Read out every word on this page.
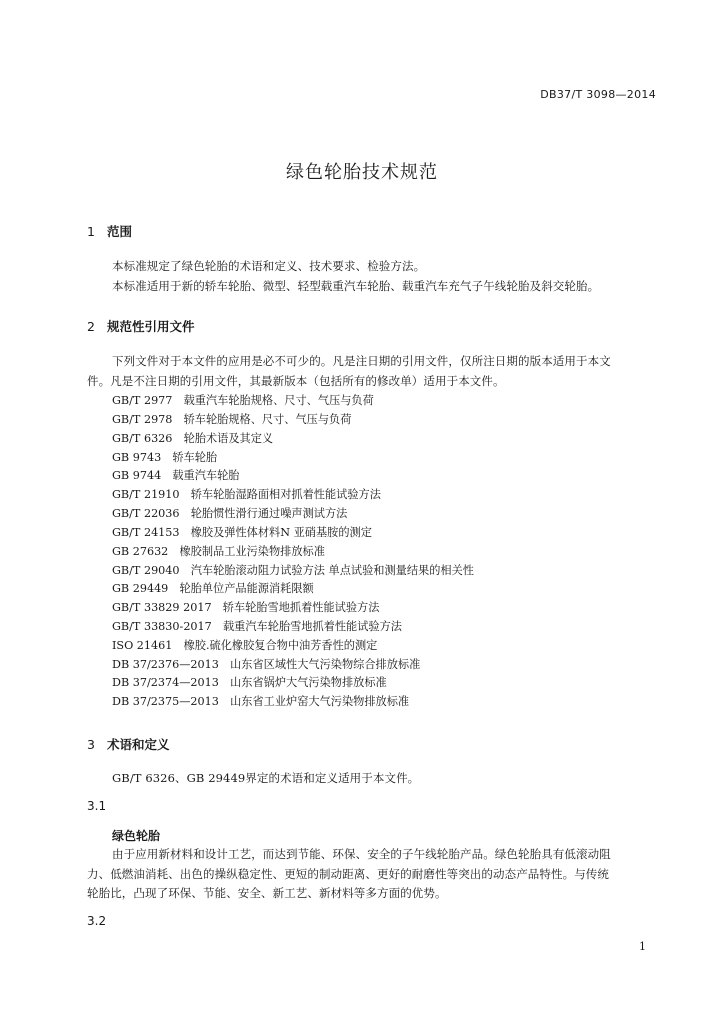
DB37/T 3098—2014
绿色轮胎技术规范
1 范围
本标准规定了绿色轮胎的术语和定义、技术要求、检验方法。
本标准适用于新的轿车轮胎、微型、轻型载重汽车轮胎、载重汽车充气子午线轮胎及斜交轮胎。
2 规范性引用文件
下列文件对于本文件的应用是必不可少的。凡是注日期的引用文件，仅所注日期的版本适用于本文
件。凡是不注日期的引用文件，其最新版本（包括所有的修改单）适用于本文件。
GB/T 2977　载重汽车轮胎规格、尺寸、气压与负荷
GB/T 2978　轿车轮胎规格、尺寸、气压与负荷
GB/T 6326　轮胎术语及其定义
GB 9743　轿车轮胎
GB 9744　载重汽车轮胎
GB/T 21910　轿车轮胎湿路面相对抓着性能试验方法
GB/T 22036　轮胎惯性滑行通过噪声测试方法
GB/T 24153　橡胶及弹性体材料N 亚硝基胺的测定
GB 27632　橡胶制品工业污染物排放标准
GB/T 29040　汽车轮胎滚动阻力试验方法 单点试验和测量结果的相关性
GB 29449　轮胎单位产品能源消耗限额
GB/T 33829 2017　轿车轮胎雪地抓着性能试验方法
GB/T 33830-2017　载重汽车轮胎雪地抓着性能试验方法
ISO 21461　橡胶.硫化橡胶复合物中油芳香性的测定
DB 37/2376—2013　山东省区域性大气污染物综合排放标准
DB 37/2374—2013　山东省锅炉大气污染物排放标准
DB 37/2375—2013　山东省工业炉窑大气污染物排放标准
3 术语和定义
GB/T 6326、GB 29449界定的术语和定义适用于本文件。
3.1
绿色轮胎
由于应用新材料和设计工艺，而达到节能、环保、安全的子午线轮胎产品。绿色轮胎具有低滚动阻
力、低燃油消耗、出色的操纵稳定性、更短的制动距离、更好的耐磨性等突出的动态产品特性。与传统
轮胎比，凸现了环保、节能、安全、新工艺、新材料等多方面的优势。
3.2
1
